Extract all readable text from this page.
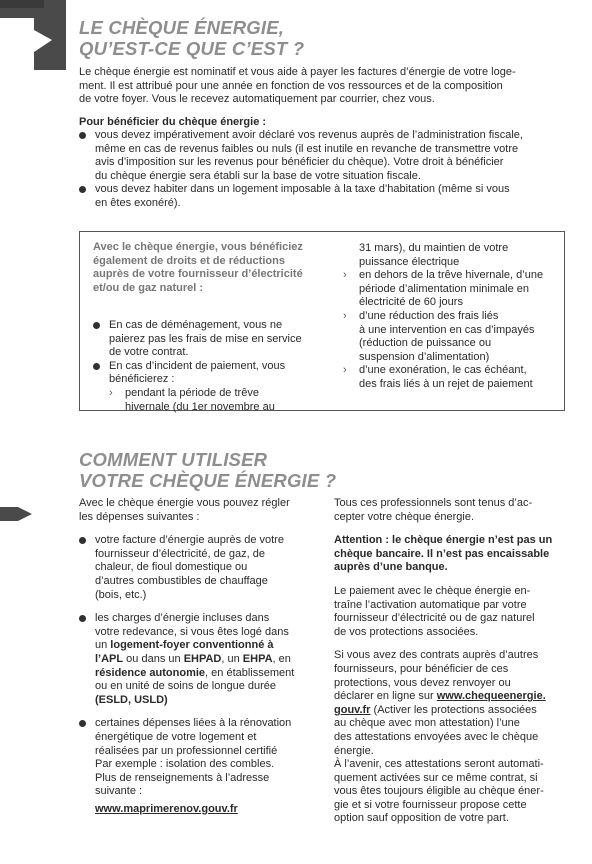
LE CHÈQUE ÉNERGIE,
QU’EST-CE QUE C’EST ?
Le chèque énergie est nominatif et vous aide à payer les factures d’énergie de votre loge-
ment. Il est attribué pour une année en fonction de vos ressources et de la composition
de votre foyer. Vous le recevez automatiquement par courrier, chez vous.
Pour bénéficier du chèque énergie :
vous devez impérativement avoir déclaré vos revenus auprès de l’administration fiscale,
même en cas de revenus faibles ou nuls (il est inutile en revanche de transmettre votre
avis d’imposition sur les revenus pour bénéficier du chèque). Votre droit à bénéficier
du chèque énergie sera établi sur la base de votre situation fiscale.
vous devez habiter dans un logement imposable à la taxe d’habitation (même si vous
en êtes exonéré).
Avec le chèque énergie, vous bénéficiez
également de droits et de réductions
auprès de votre fournisseur d’électricité
et/ou de gaz naturel :
En cas de déménagement, vous ne
paierez pas les frais de mise en service
de votre contrat.
En cas d’incident de paiement, vous
bénéficierez :
› pendant la période de trêve
hivernale (du 1er novembre au
31 mars), du maintien de votre
puissance électrique
› en dehors de la trêve hivernale, d’une
période d’alimentation minimale en
électricité de 60 jours
› d’une réduction des frais liés
à une intervention en cas d’impayés
(réduction de puissance ou
suspension d’alimentation)
› d’une exonération, le cas échéant,
des frais liés à un rejet de paiement
COMMENT UTILISER
VOTRE CHÈQUE ÉNERGIE ?
Avec le chèque énergie vous pouvez régler
les dépenses suivantes :
votre facture d’énergie auprès de votre
fournisseur d’électricité, de gaz, de
chaleur, de fioul domestique ou
d’autres combustibles de chauffage
(bois, etc.)
les charges d’énergie incluses dans
votre redevance, si vous êtes logé dans
un logement-foyer conventionné à
l’APL ou dans un EHPAD, un EHPA, en
résidence autonomie, en établissement
ou en unité de soins de longue durée
(ESLD, USLD)
certaines dépenses liées à la rénovation
énergétique de votre logement et
réalisées par un professionnel certifié
Par exemple : isolation des combles.
Plus de renseignements à l’adresse
suivante :
www.maprimerenov.gouv.fr
Tous ces professionnels sont tenus d’ac-
cepter votre chèque énergie.
Attention : le chèque énergie n’est pas un
chèque bancaire. Il n’est pas encaissable
auprès d’une banque.
Le paiement avec le chèque énergie en-
traîne l’activation automatique par votre
fournisseur d’électricité ou de gaz naturel
de vos protections associées.
Si vous avez des contrats auprès d’autres
fournisseurs, pour bénéficier de ces
protections, vous devez renvoyer ou
déclarer en ligne sur www.chequeenergie.
gouv.fr (Activer les protections associées
au chèque avec mon attestation) l’une
des attestations envoyées avec le chèque
énergie.
À l’avenir, ces attestations seront automati-
quement activées sur ce même contrat, si
vous êtes toujours éligible au chèque éner-
gie et si votre fournisseur propose cette
option sauf opposition de votre part.
